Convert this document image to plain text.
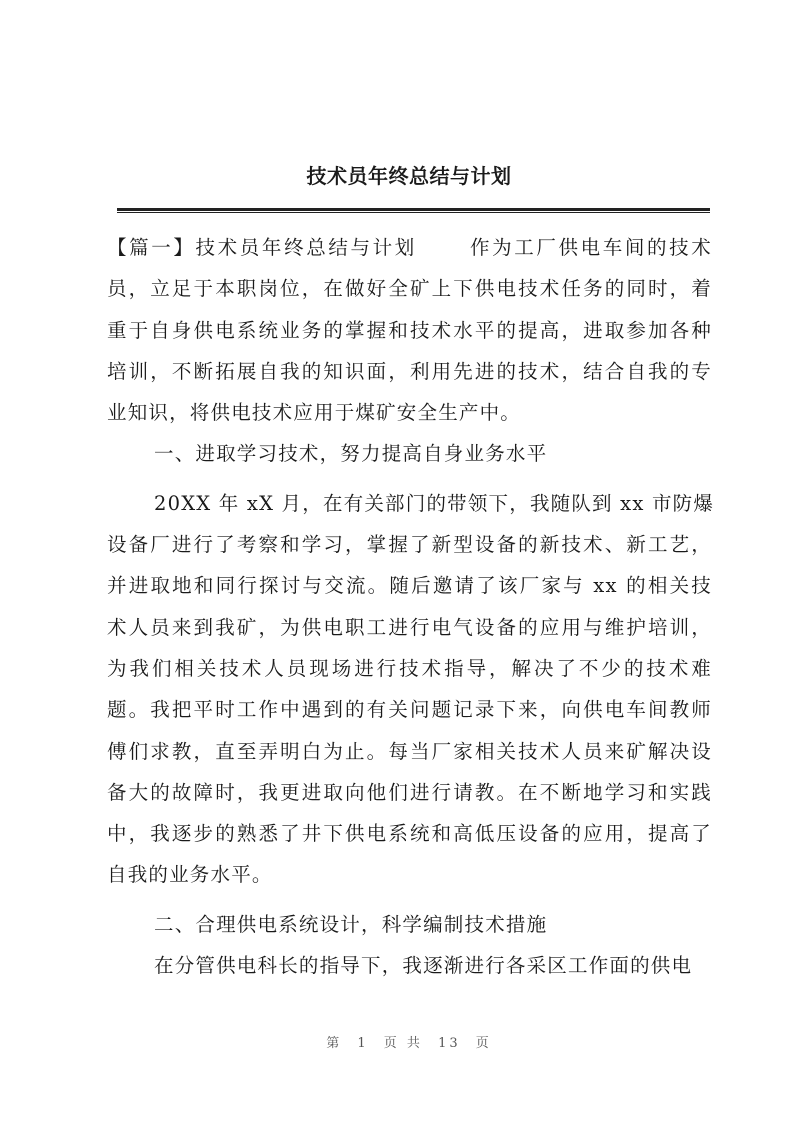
技术员年终总结与计划
【篇一】技术员年终总结与计划　　 作为工厂供电车间的技术
员，立足于本职岗位，在做好全矿上下供电技术任务的同时，着
重于自身供电系统业务的掌握和技术水平的提高，进取参加各种
培训，不断拓展自我的知识面，利用先进的技术，结合自我的专
业知识，将供电技术应用于煤矿安全生产中。
一、进取学习技术，努力提高自身业务水平
20XX 年 xX 月，在有关部门的带领下，我随队到 xx 市防爆
设备厂进行了考察和学习，掌握了新型设备的新技术、新工艺，
并进取地和同行探讨与交流。随后邀请了该厂家与 xx 的相关技
术人员来到我矿，为供电职工进行电气设备的应用与维护培训，
为我们相关技术人员现场进行技术指导，解决了不少的技术难
题。我把平时工作中遇到的有关问题记录下来，向供电车间教师
傅们求教，直至弄明白为止。每当厂家相关技术人员来矿解决设
备大的故障时，我更进取向他们进行请教。在不断地学习和实践
中，我逐步的熟悉了井下供电系统和高低压设备的应用，提高了
自我的业务水平。
二、合理供电系统设计，科学编制技术措施
在分管供电科长的指导下，我逐渐进行各采区工作面的供电
第 1 页 共 13 页
